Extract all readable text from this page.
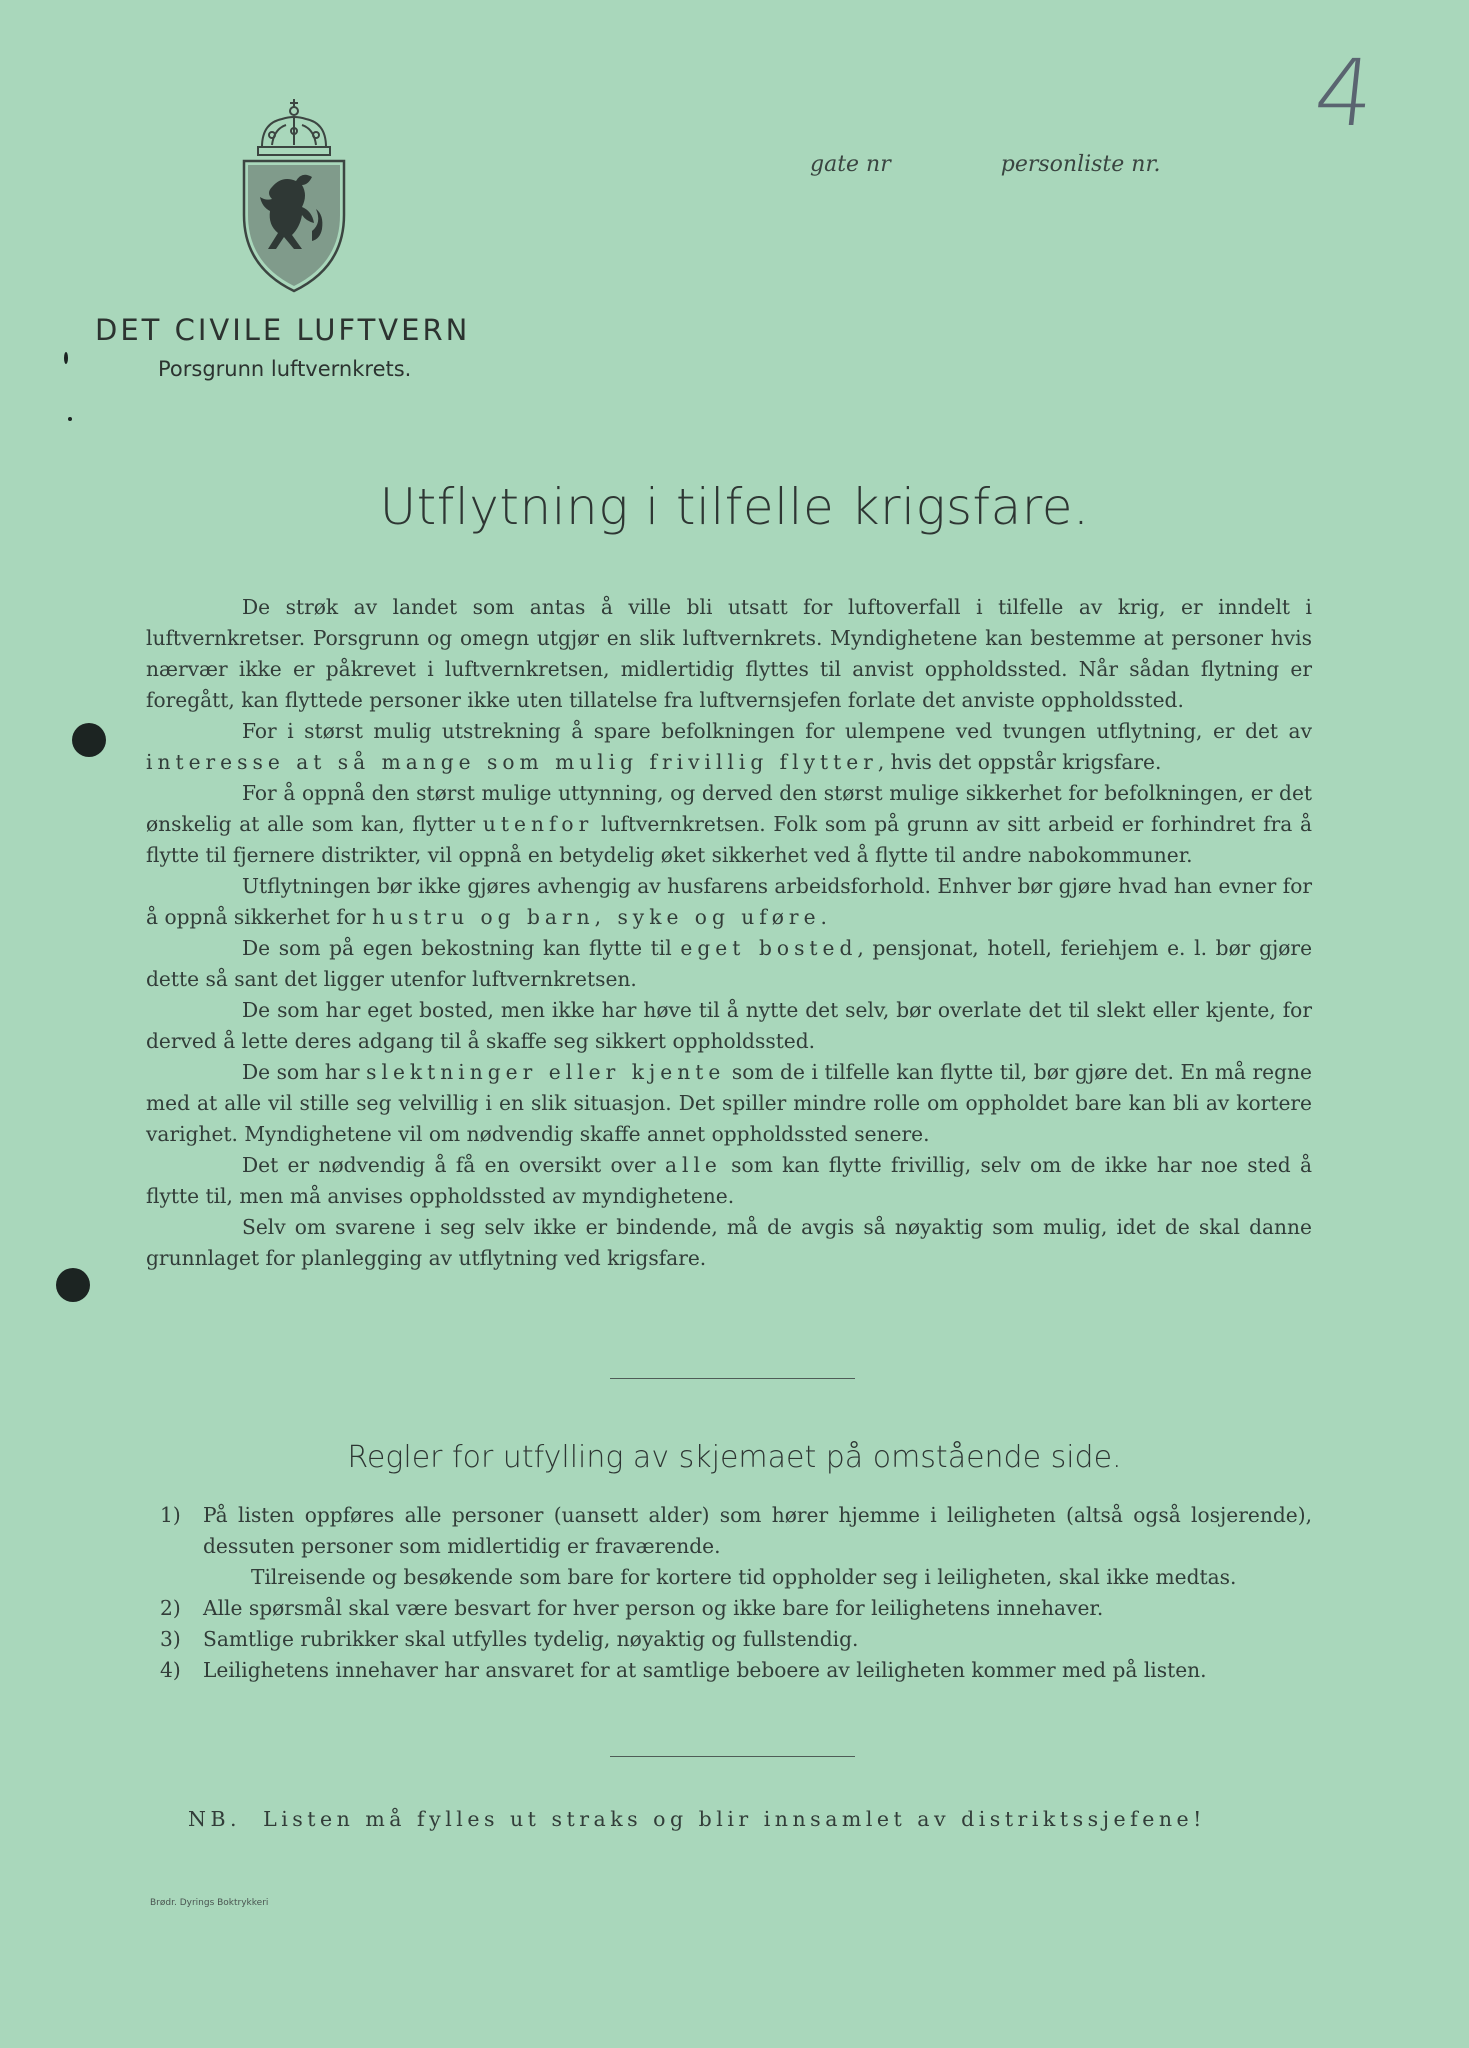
4
DET CIVILE LUFTVERN
Porsgrunn luftvernkrets.
gate nr	personliste nr.
Utflytning i tilfelle krigsfare.

De strøk av landet som antas å ville bli utsatt for luftoverfall i tilfelle av krig, er inndelt i luftvernkretser. Porsgrunn og omegn utgjør en slik luftvernkrets. Myndighetene kan bestemme at personer hvis nærvær ikke er påkrevet i luftvernkretsen, midlertidig flyttes til anvist oppholdssted. Når sådan flytning er foregått, kan flyttede personer ikke uten tillatelse fra luftvernsjefen forlate det anviste oppholdssted.

For i størst mulig utstrekning å spare befolkningen for ulempene ved tvungen utflytning, er det av interesse at så mange som mulig frivillig flytter, hvis det oppstår krigsfare.

For å oppnå den størst mulige uttynning, og derved den størst mulige sikkerhet for befolkningen, er det ønskelig at alle som kan, flytter utenfor luftvernkretsen. Folk som på grunn av sitt arbeid er forhindret fra å flytte til fjernere distrikter, vil oppnå en betydelig øket sikkerhet ved å flytte til andre nabokommuner.

Utflytningen bør ikke gjøres avhengig av husfarens arbeidsforhold. Enhver bør gjøre hvad han evner for å oppnå sikkerhet for hustru og barn, syke og uføre.

De som på egen bekostning kan flytte til eget bosted, pensjonat, hotell, feriehjem e. l. bør gjøre dette så sant det ligger utenfor luftvernkretsen.

De som har eget bosted, men ikke har høve til å nytte det selv, bør overlate det til slekt eller kjente, for derved å lette deres adgang til å skaffe seg sikkert oppholdssted.

De som har slektninger eller kjente som de i tilfelle kan flytte til, bør gjøre det. En må regne med at alle vil stille seg velvillig i en slik situasjon. Det spiller mindre rolle om oppholdet bare kan bli av kortere varighet. Myndighetene vil om nødvendig skaffe annet oppholdssted senere.

Det er nødvendig å få en oversikt over alle som kan flytte frivillig, selv om de ikke har noe sted å flytte til, men må anvises oppholdssted av myndighetene.

Selv om svarene i seg selv ikke er bindende, må de avgis så nøyaktig som mulig, idet de skal danne grunnlaget for planlegging av utflytning ved krigsfare.

Regler for utfylling av skjemaet på omstående side.
1) På listen oppføres alle personer (uansett alder) som hører hjemme i leiligheten (altså også losjerende), dessuten personer som midlertidig er fraværende.
Tilreisende og besøkende som bare for kortere tid oppholder seg i leiligheten, skal ikke medtas.
2) Alle spørsmål skal være besvart for hver person og ikke bare for leilighetens innehaver.
3) Samtlige rubrikker skal utfylles tydelig, nøyaktig og fullstendig.
4) Leilighetens innehaver har ansvaret for at samtlige beboere av leiligheten kommer med på listen.
NB. Listen må fylles ut straks og blir innsamlet av distriktssjefene!
Brødr. Dyrings Boktrykkeri
